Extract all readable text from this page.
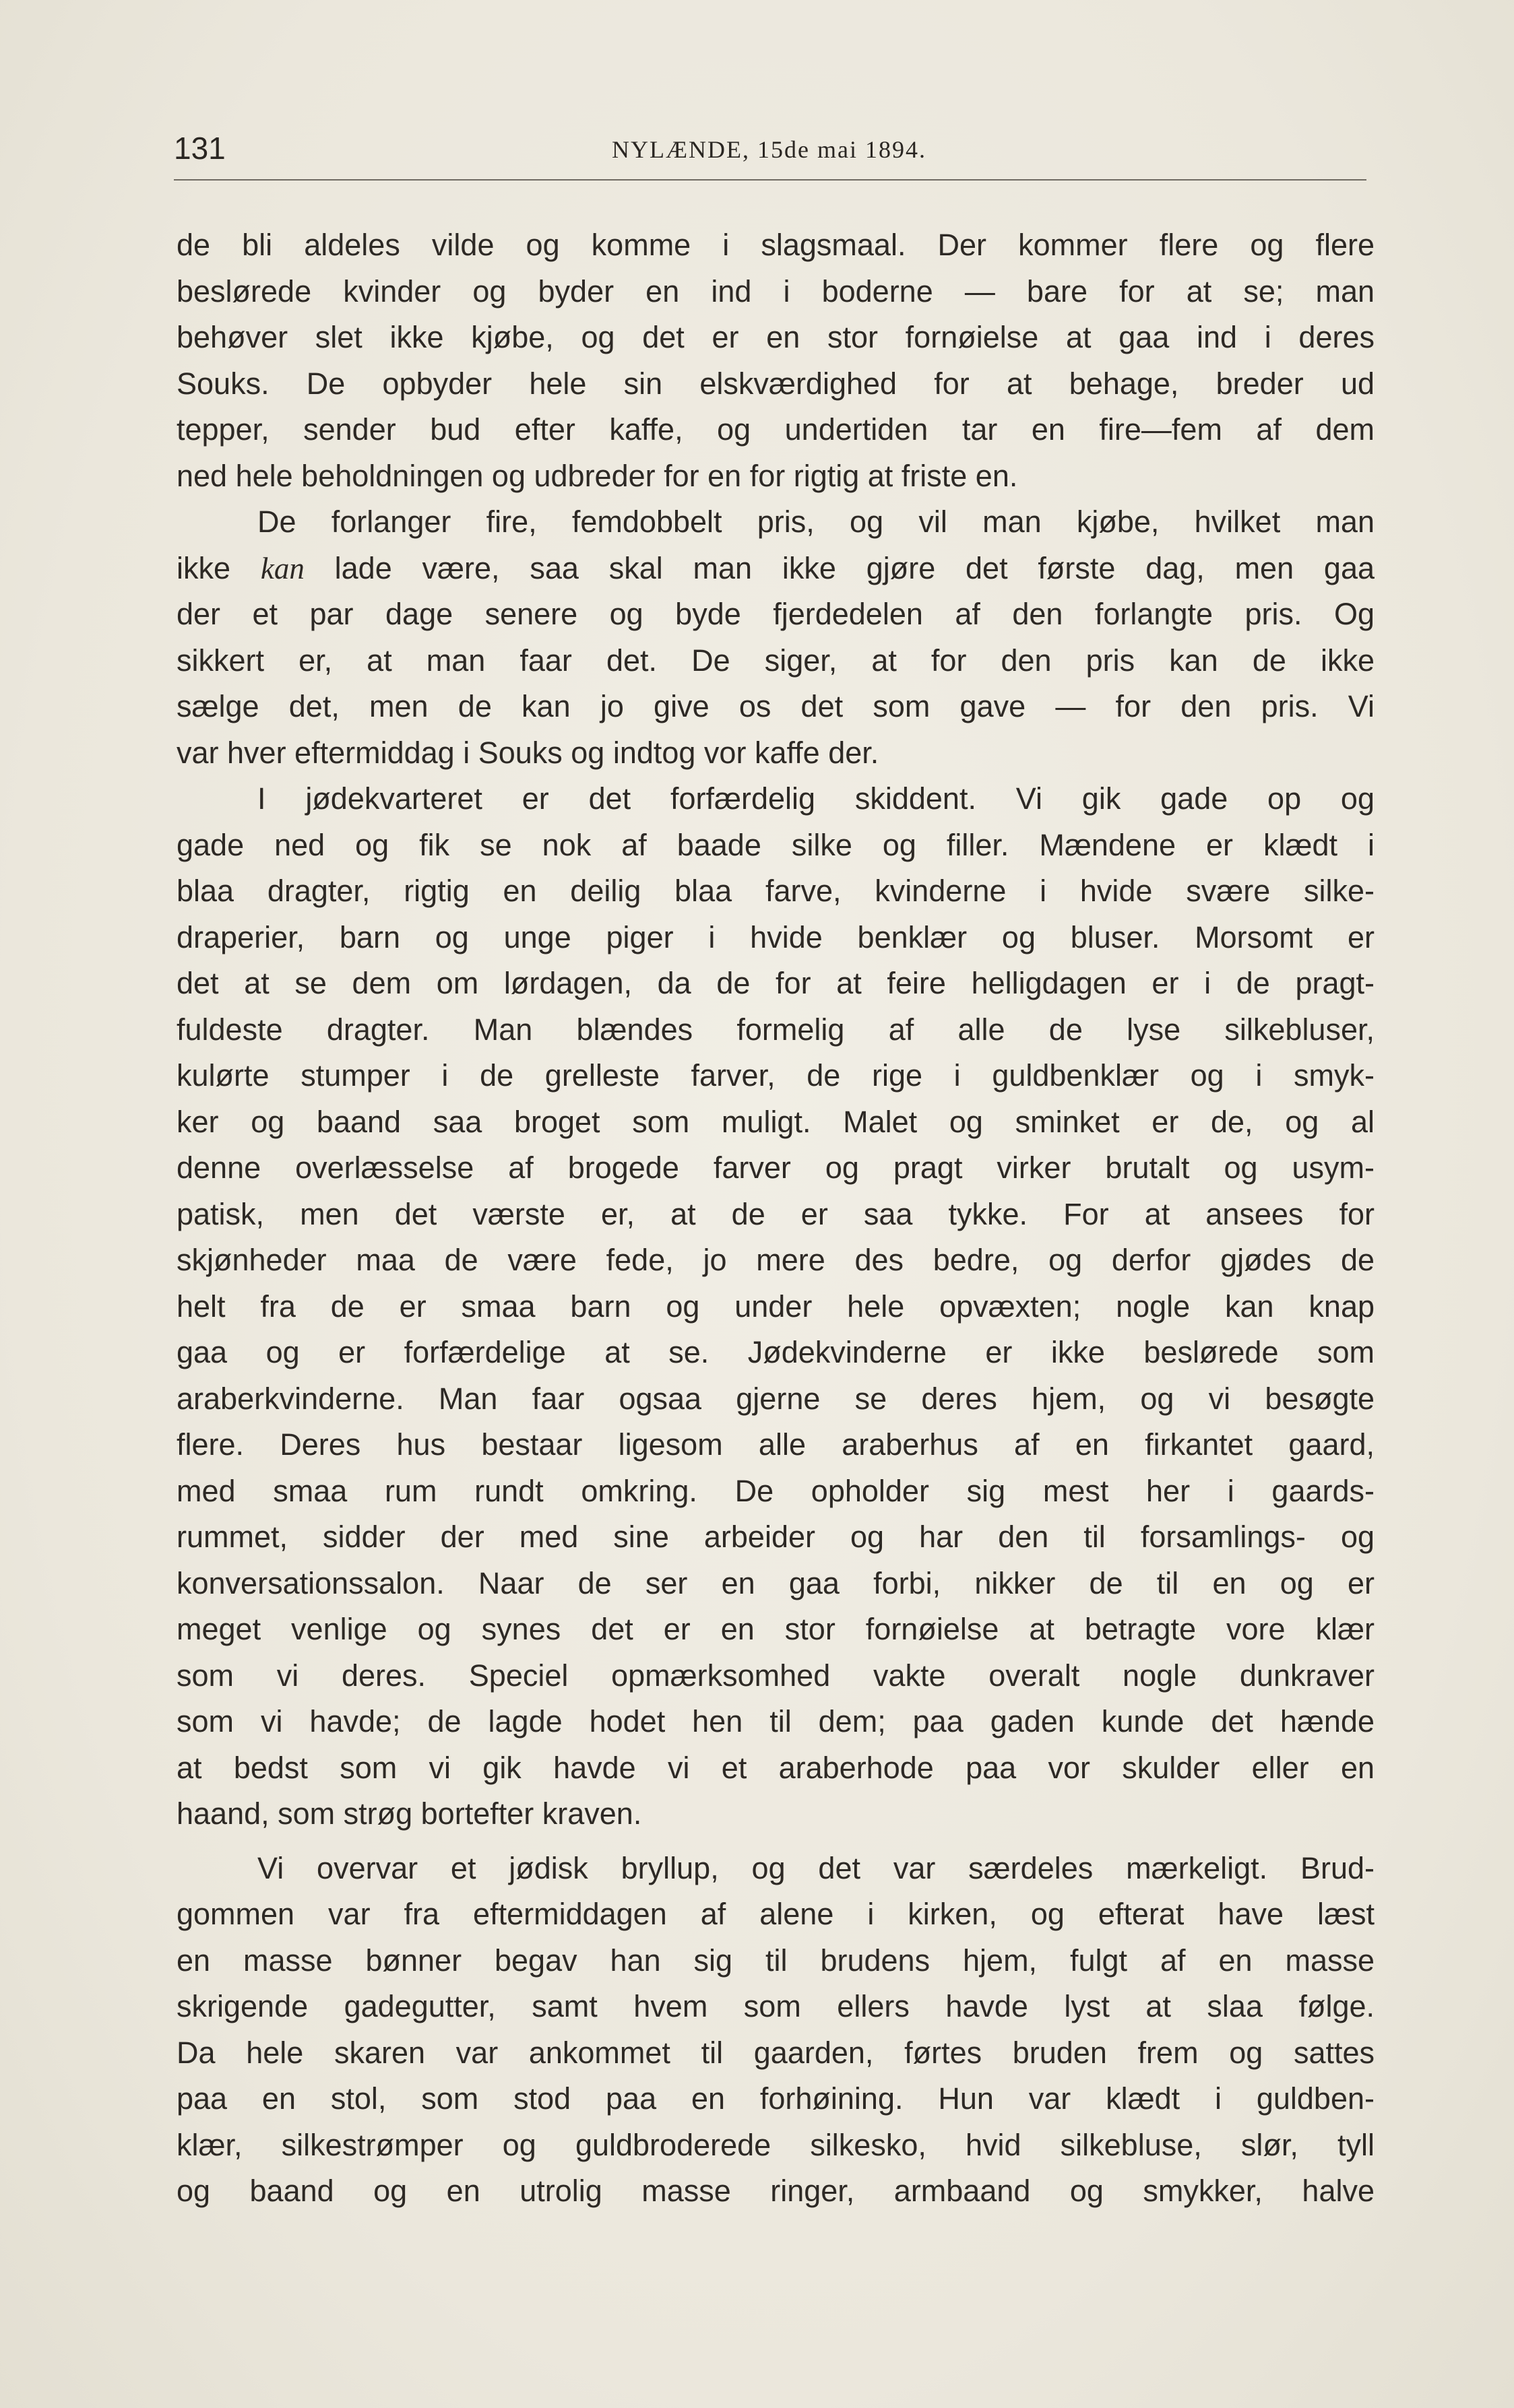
131	NYLÆNDE, 15de mai 1894.

de bli aldeles vilde og komme i slagsmaal. Der kommer flere og flere
beslørede kvinder og byder en ind i boderne — bare for at se; man
behøver slet ikke kjøbe, og det er en stor fornøielse at gaa ind i deres
Souks. De opbyder hele sin elskværdighed for at behage, breder ud
tepper, sender bud efter kaffe, og undertiden tar en fire—fem af dem
ned hele beholdningen og udbreder for en for rigtig at friste en.

De forlanger fire, femdobbelt pris, og vil man kjøbe, hvilket man
ikke kan lade være, saa skal man ikke gjøre det første dag, men gaa
der et par dage senere og byde fjerdedelen af den forlangte pris. Og
sikkert er, at man faar det. De siger, at for den pris kan de ikke
sælge det, men de kan jo give os det som gave — for den pris. Vi
var hver eftermiddag i Souks og indtog vor kaffe der.

I jødekvarteret er det forfærdelig skiddent. Vi gik gade op og
gade ned og fik se nok af baade silke og filler. Mændene er klædt i
blaa dragter, rigtig en deilig blaa farve, kvinderne i hvide svære silke-
draperier, barn og unge piger i hvide benklær og bluser. Morsomt er
det at se dem om lørdagen, da de for at feire helligdagen er i de pragt-
fuldeste dragter. Man blændes formelig af alle de lyse silkebluser,
kulørte stumper i de grelleste farver, de rige i guldbenklær og i smyk-
ker og baand saa broget som muligt. Malet og sminket er de, og al
denne overlæsselse af brogede farver og pragt virker brutalt og usym-
patisk, men det værste er, at de er saa tykke. For at ansees for
skjønheder maa de være fede, jo mere des bedre, og derfor gjødes de
helt fra de er smaa barn og under hele opvæxten; nogle kan knap
gaa og er forfærdelige at se. Jødekvinderne er ikke beslørede som
araberkvinderne. Man faar ogsaa gjerne se deres hjem, og vi besøgte
flere. Deres hus bestaar ligesom alle araberhus af en firkantet gaard,
med smaa rum rundt omkring. De opholder sig mest her i gaards-
rummet, sidder der med sine arbeider og har den til forsamlings- og
konversationssalon. Naar de ser en gaa forbi, nikker de til en og er
meget venlige og synes det er en stor fornøielse at betragte vore klær
som vi deres. Speciel opmærksomhed vakte overalt nogle dunkraver
som vi havde; de lagde hodet hen til dem; paa gaden kunde det hænde
at bedst som vi gik havde vi et araberhode paa vor skulder eller en
haand, som strøg bortefter kraven.

Vi overvar et jødisk bryllup, og det var særdeles mærkeligt. Brud-
gommen var fra eftermiddagen af alene i kirken, og efterat have læst
en masse bønner begav han sig til brudens hjem, fulgt af en masse
skrigende gadegutter, samt hvem som ellers havde lyst at slaa følge.
Da hele skaren var ankommet til gaarden, førtes bruden frem og sattes
paa en stol, som stod paa en forhøining. Hun var klædt i guldben-
klær, silkestrømper og guldbroderede silkesko, hvid silkebluse, slør, tyll
og baand og en utrolig masse ringer, armbaand og smykker, halve
